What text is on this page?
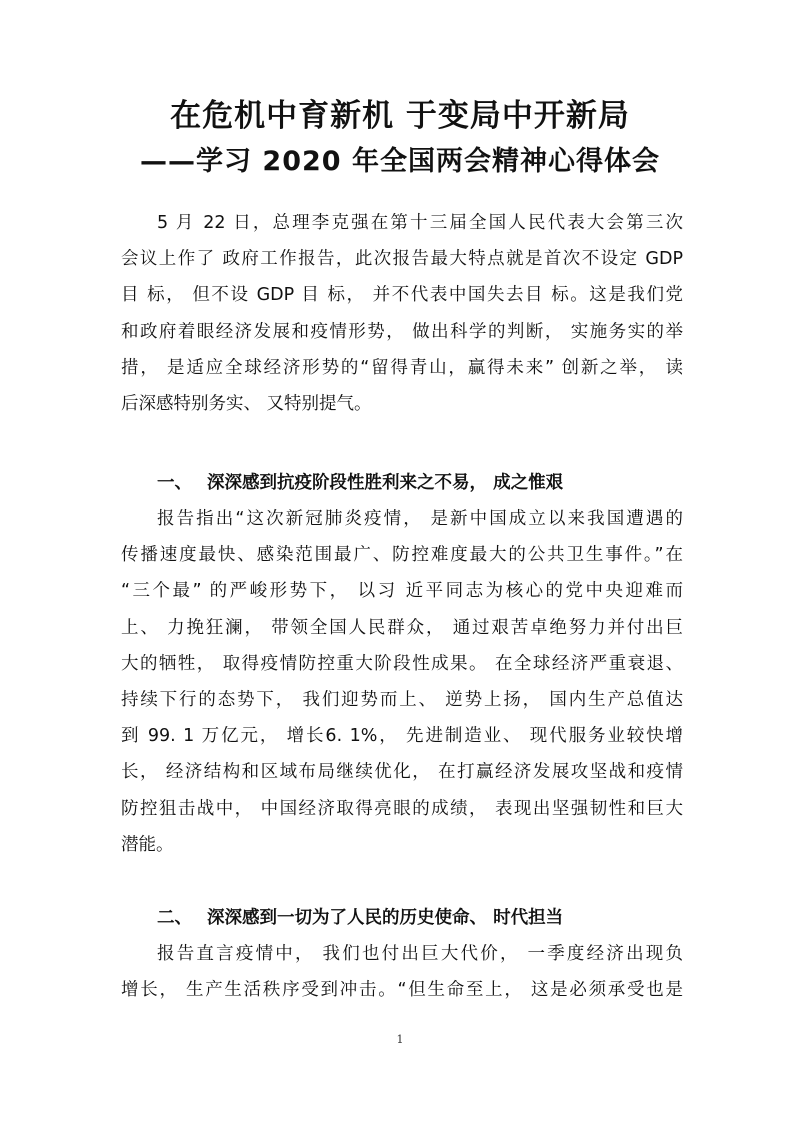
在危机中育新机 于变局中开新局
——学习 2020 年全国两会精神心得体会
5 月 22 日，总理李克强在第十三届全国人民代表大会第三次
会议上作了 政府工作报告，此次报告最大特点就是首次不设定 GDP
目 标， 但不设 GDP 目 标， 并不代表中国失去目 标。这是我们党
和政府着眼经济发展和疫情形势， 做出科学的判断， 实施务实的举
措， 是适应全球经济形势的“留得青山，赢得未来” 创新之举， 读
后深感特别务实、 又特别提气。
一、 深深感到抗疫阶段性胜利来之不易， 成之惟艰
报告指出“这次新冠肺炎疫情， 是新中国成立以来我国遭遇的
传播速度最快、感染范围最广、防控难度最大的公共卫生事件。”在
“三个最” 的严峻形势下， 以习 近平同志为核心的党中央迎难而
上、 力挽狂澜， 带领全国人民群众， 通过艰苦卓绝努力并付出巨
大的牺牲， 取得疫情防控重大阶段性成果。 在全球经济严重衰退、
持续下行的态势下， 我们迎势而上、 逆势上扬， 国内生产总值达
到 99. 1 万亿元， 增长6. 1%， 先进制造业、 现代服务业较快增
长， 经济结构和区域布局继续优化， 在打赢经济发展攻坚战和疫情
防控狙击战中， 中国经济取得亮眼的成绩， 表现出坚强韧性和巨大
潜能。
二、 深深感到一切为了人民的历史使命、 时代担当
报告直言疫情中， 我们也付出巨大代价， 一季度经济出现负
增长， 生产生活秩序受到冲击。“但生命至上， 这是必须承受也是
1
